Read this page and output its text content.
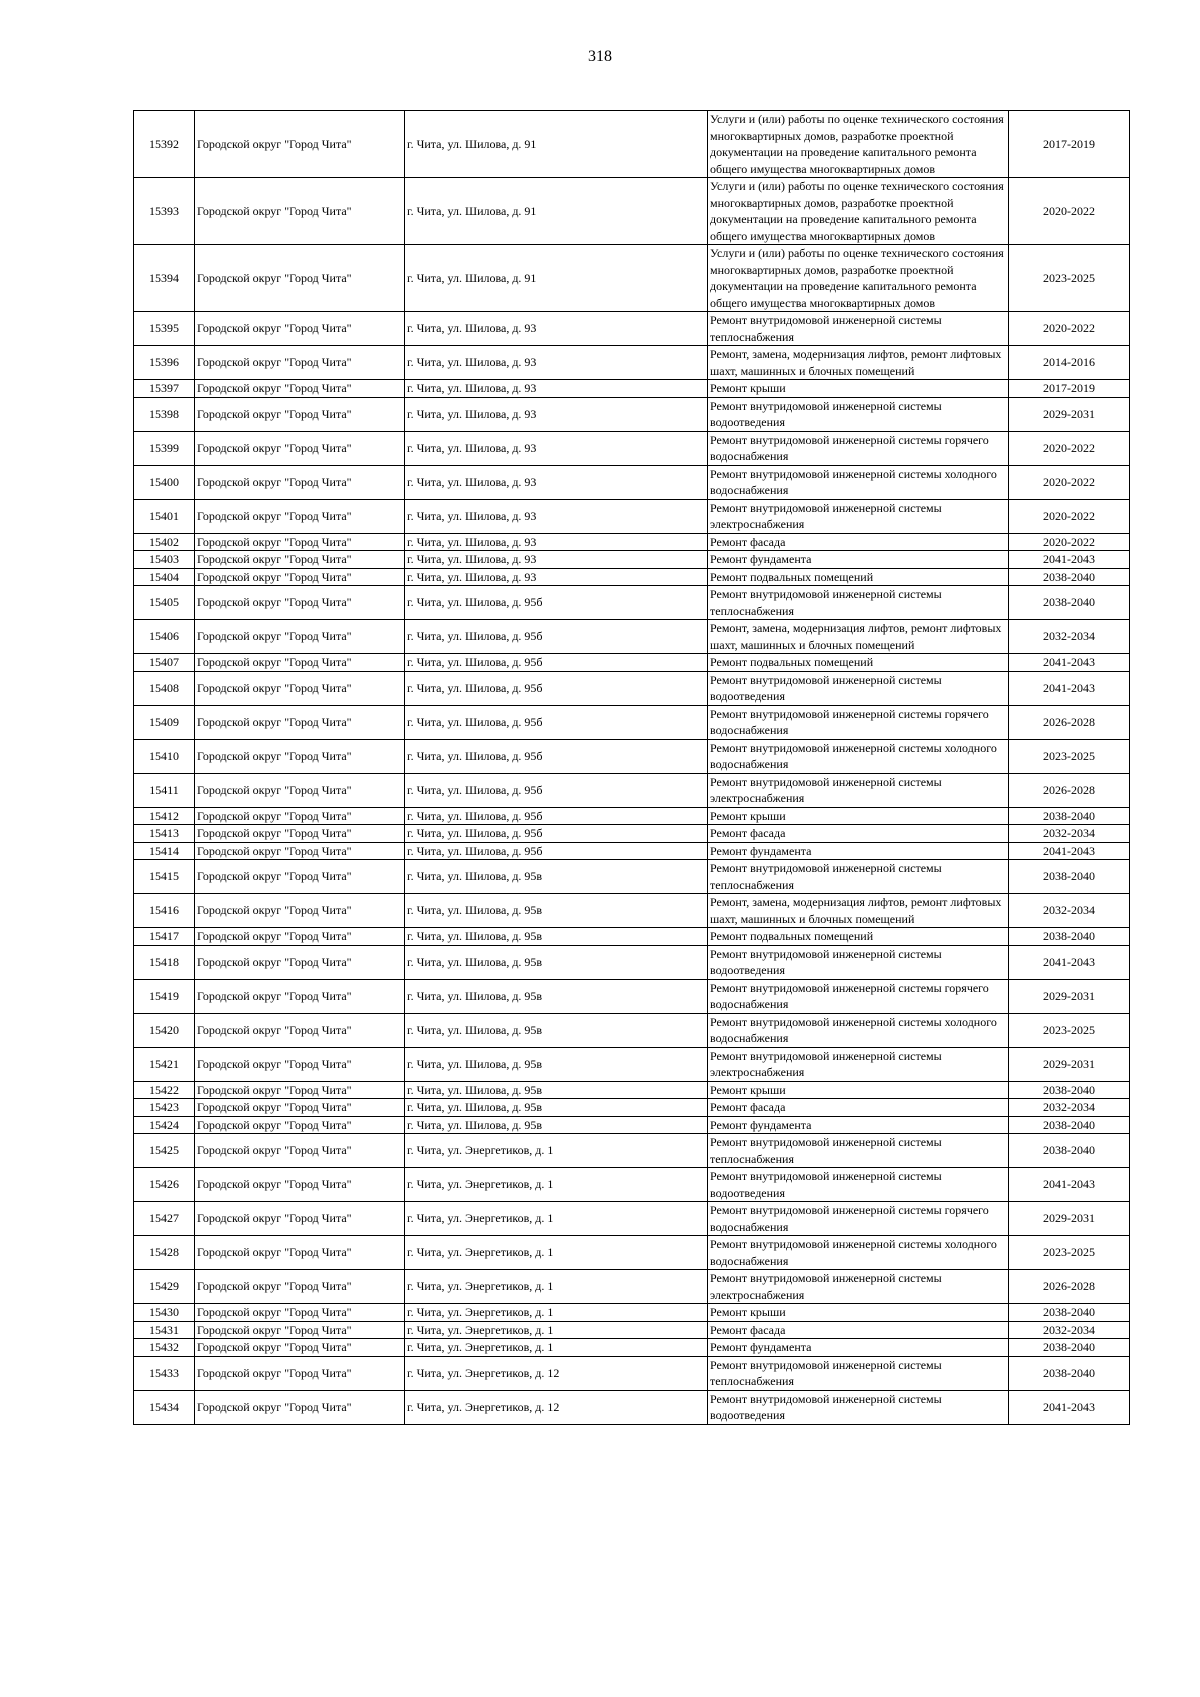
318
15392	Городской округ "Город Чита"	г. Чита, ул. Шилова, д. 91	Услуги и (или) работы по оценке технического состояния многоквартирных домов, разработке проектной документации на проведение капитального ремонта общего имущества многоквартирных домов	2017-2019
15393	Городской округ "Город Чита"	г. Чита, ул. Шилова, д. 91	Услуги и (или) работы по оценке технического состояния многоквартирных домов, разработке проектной документации на проведение капитального ремонта общего имущества многоквартирных домов	2020-2022
15394	Городской округ "Город Чита"	г. Чита, ул. Шилова, д. 91	Услуги и (или) работы по оценке технического состояния многоквартирных домов, разработке проектной документации на проведение капитального ремонта общего имущества многоквартирных домов	2023-2025
15395	Городской округ "Город Чита"	г. Чита, ул. Шилова, д. 93	Ремонт внутридомовой инженерной системы теплоснабжения	2020-2022
15396	Городской округ "Город Чита"	г. Чита, ул. Шилова, д. 93	Ремонт, замена, модернизация лифтов, ремонт лифтовых шахт, машинных и блочных помещений	2014-2016
15397	Городской округ "Город Чита"	г. Чита, ул. Шилова, д. 93	Ремонт крыши	2017-2019
15398	Городской округ "Город Чита"	г. Чита, ул. Шилова, д. 93	Ремонт внутридомовой инженерной системы водоотведения	2029-2031
15399	Городской округ "Город Чита"	г. Чита, ул. Шилова, д. 93	Ремонт внутридомовой инженерной системы горячего водоснабжения	2020-2022
15400	Городской округ "Город Чита"	г. Чита, ул. Шилова, д. 93	Ремонт внутридомовой инженерной системы холодного водоснабжения	2020-2022
15401	Городской округ "Город Чита"	г. Чита, ул. Шилова, д. 93	Ремонт внутридомовой инженерной системы электроснабжения	2020-2022
15402	Городской округ "Город Чита"	г. Чита, ул. Шилова, д. 93	Ремонт фасада	2020-2022
15403	Городской округ "Город Чита"	г. Чита, ул. Шилова, д. 93	Ремонт фундамента	2041-2043
15404	Городской округ "Город Чита"	г. Чита, ул. Шилова, д. 93	Ремонт подвальных помещений	2038-2040
15405	Городской округ "Город Чита"	г. Чита, ул. Шилова, д. 95б	Ремонт внутридомовой инженерной системы теплоснабжения	2038-2040
15406	Городской округ "Город Чита"	г. Чита, ул. Шилова, д. 95б	Ремонт, замена, модернизация лифтов, ремонт лифтовых шахт, машинных и блочных помещений	2032-2034
15407	Городской округ "Город Чита"	г. Чита, ул. Шилова, д. 95б	Ремонт подвальных помещений	2041-2043
15408	Городской округ "Город Чита"	г. Чита, ул. Шилова, д. 95б	Ремонт внутридомовой инженерной системы водоотведения	2041-2043
15409	Городской округ "Город Чита"	г. Чита, ул. Шилова, д. 95б	Ремонт внутридомовой инженерной системы горячего водоснабжения	2026-2028
15410	Городской округ "Город Чита"	г. Чита, ул. Шилова, д. 95б	Ремонт внутридомовой инженерной системы холодного водоснабжения	2023-2025
15411	Городской округ "Город Чита"	г. Чита, ул. Шилова, д. 95б	Ремонт внутридомовой инженерной системы электроснабжения	2026-2028
15412	Городской округ "Город Чита"	г. Чита, ул. Шилова, д. 95б	Ремонт крыши	2038-2040
15413	Городской округ "Город Чита"	г. Чита, ул. Шилова, д. 95б	Ремонт фасада	2032-2034
15414	Городской округ "Город Чита"	г. Чита, ул. Шилова, д. 95б	Ремонт фундамента	2041-2043
15415	Городской округ "Город Чита"	г. Чита, ул. Шилова, д. 95в	Ремонт внутридомовой инженерной системы теплоснабжения	2038-2040
15416	Городской округ "Город Чита"	г. Чита, ул. Шилова, д. 95в	Ремонт, замена, модернизация лифтов, ремонт лифтовых шахт, машинных и блочных помещений	2032-2034
15417	Городской округ "Город Чита"	г. Чита, ул. Шилова, д. 95в	Ремонт подвальных помещений	2038-2040
15418	Городской округ "Город Чита"	г. Чита, ул. Шилова, д. 95в	Ремонт внутридомовой инженерной системы водоотведения	2041-2043
15419	Городской округ "Город Чита"	г. Чита, ул. Шилова, д. 95в	Ремонт внутридомовой инженерной системы горячего водоснабжения	2029-2031
15420	Городской округ "Город Чита"	г. Чита, ул. Шилова, д. 95в	Ремонт внутридомовой инженерной системы холодного водоснабжения	2023-2025
15421	Городской округ "Город Чита"	г. Чита, ул. Шилова, д. 95в	Ремонт внутридомовой инженерной системы электроснабжения	2029-2031
15422	Городской округ "Город Чита"	г. Чита, ул. Шилова, д. 95в	Ремонт крыши	2038-2040
15423	Городской округ "Город Чита"	г. Чита, ул. Шилова, д. 95в	Ремонт фасада	2032-2034
15424	Городской округ "Город Чита"	г. Чита, ул. Шилова, д. 95в	Ремонт фундамента	2038-2040
15425	Городской округ "Город Чита"	г. Чита, ул. Энергетиков, д. 1	Ремонт внутридомовой инженерной системы теплоснабжения	2038-2040
15426	Городской округ "Город Чита"	г. Чита, ул. Энергетиков, д. 1	Ремонт внутридомовой инженерной системы водоотведения	2041-2043
15427	Городской округ "Город Чита"	г. Чита, ул. Энергетиков, д. 1	Ремонт внутридомовой инженерной системы горячего водоснабжения	2029-2031
15428	Городской округ "Город Чита"	г. Чита, ул. Энергетиков, д. 1	Ремонт внутридомовой инженерной системы холодного водоснабжения	2023-2025
15429	Городской округ "Город Чита"	г. Чита, ул. Энергетиков, д. 1	Ремонт внутридомовой инженерной системы электроснабжения	2026-2028
15430	Городской округ "Город Чита"	г. Чита, ул. Энергетиков, д. 1	Ремонт крыши	2038-2040
15431	Городской округ "Город Чита"	г. Чита, ул. Энергетиков, д. 1	Ремонт фасада	2032-2034
15432	Городской округ "Город Чита"	г. Чита, ул. Энергетиков, д. 1	Ремонт фундамента	2038-2040
15433	Городской округ "Город Чита"	г. Чита, ул. Энергетиков, д. 12	Ремонт внутридомовой инженерной системы теплоснабжения	2038-2040
15434	Городской округ "Город Чита"	г. Чита, ул. Энергетиков, д. 12	Ремонт внутридомовой инженерной системы водоотведения	2041-2043
